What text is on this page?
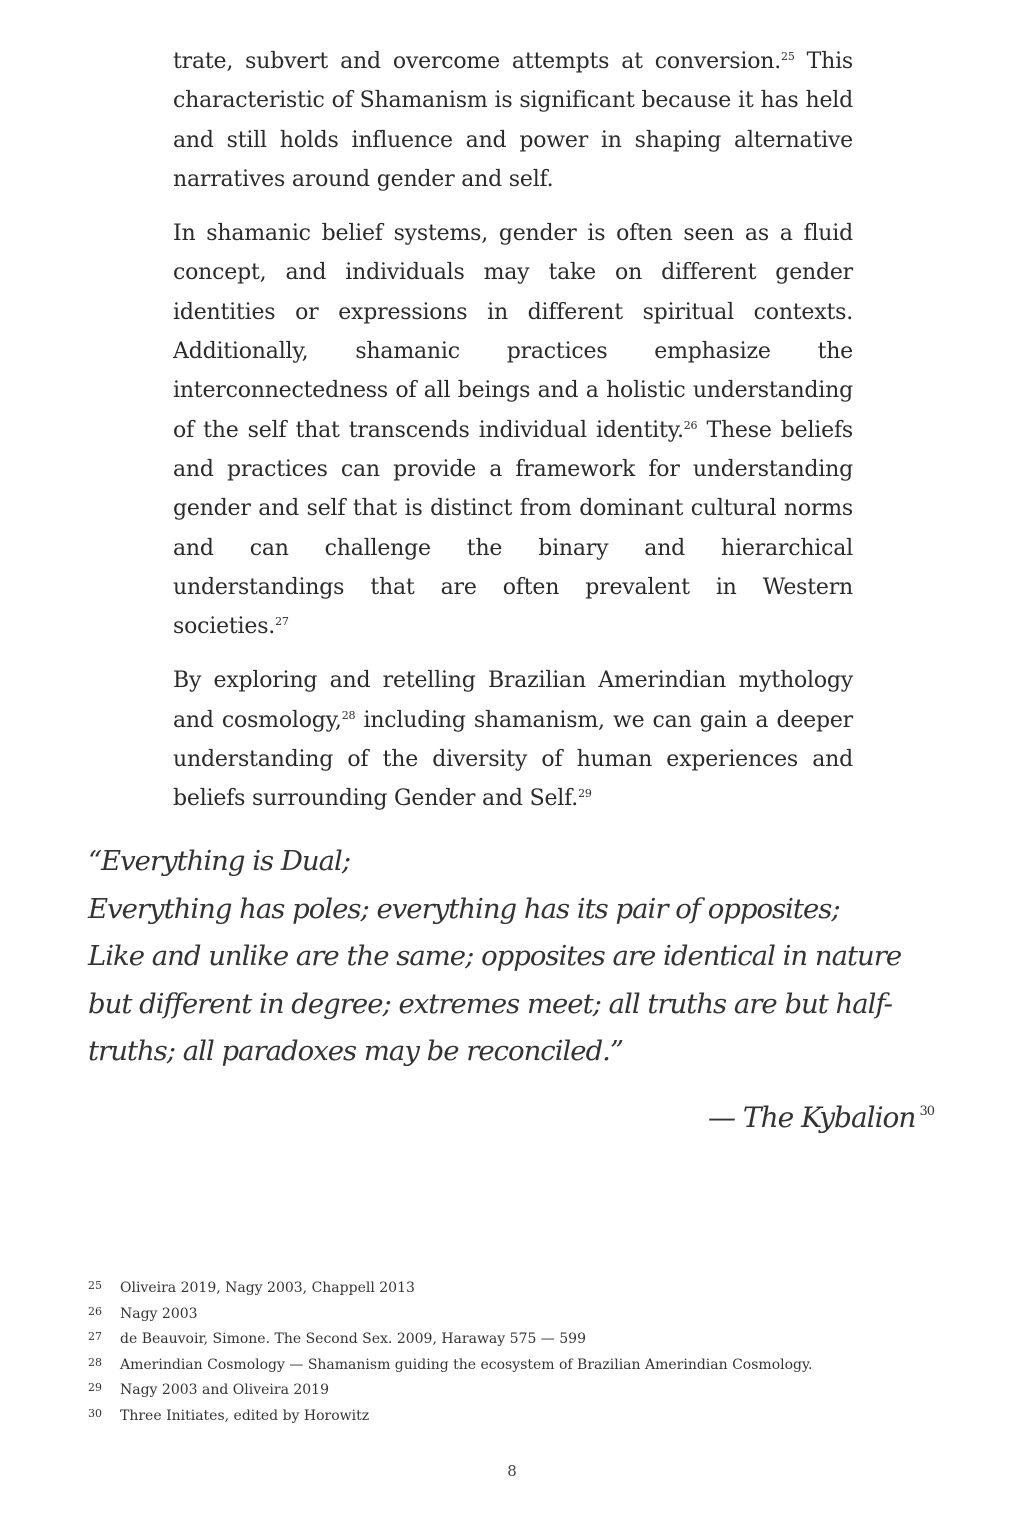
trate, subvert and overcome attempts at conversion.$^{25}$ This characteristic of Shamanism is significant because it has held and still holds influence and power in shaping alternative narratives around gender and self.

In shamanic belief systems, gender is often seen as a fluid concept, and individuals may take on different gender identities or expressions in different spiritual contexts. Additionally, shamanic practices emphasize the interconnectedness of all beings and a holistic understanding of the self that transcends individual identity.$^{26}$ These beliefs and practices can provide a framework for understanding gender and self that is distinct from dominant cultural norms and can challenge the binary and hierarchical understandings that are often prevalent in Western societies.$^{27}$

By exploring and retelling Brazilian Amerindian mythology and cosmology,$^{28}$ including shamanism, we can gain a deeper understanding of the diversity of human experiences and beliefs surrounding Gender and Self.$^{29}$

“Everything is Dual;
Everything has poles; everything has its pair of opposites;
Like and unlike are the same; opposites are identical in nature
but different in degree; extremes meet; all truths are but half-
truths; all paradoxes may be reconciled.”
— The Kybalion $^{30}$
25	Oliveira 2019, Nagy 2003, Chappell 2013
26	Nagy 2003
27	de Beauvoir, Simone. The Second Sex. 2009, Haraway 575 — 599
28	Amerindian Cosmology — Shamanism guiding the ecosystem of Brazilian Amerindian Cosmology.
29	Nagy 2003 and Oliveira 2019
30	Three Initiates, edited by Horowitz
8
